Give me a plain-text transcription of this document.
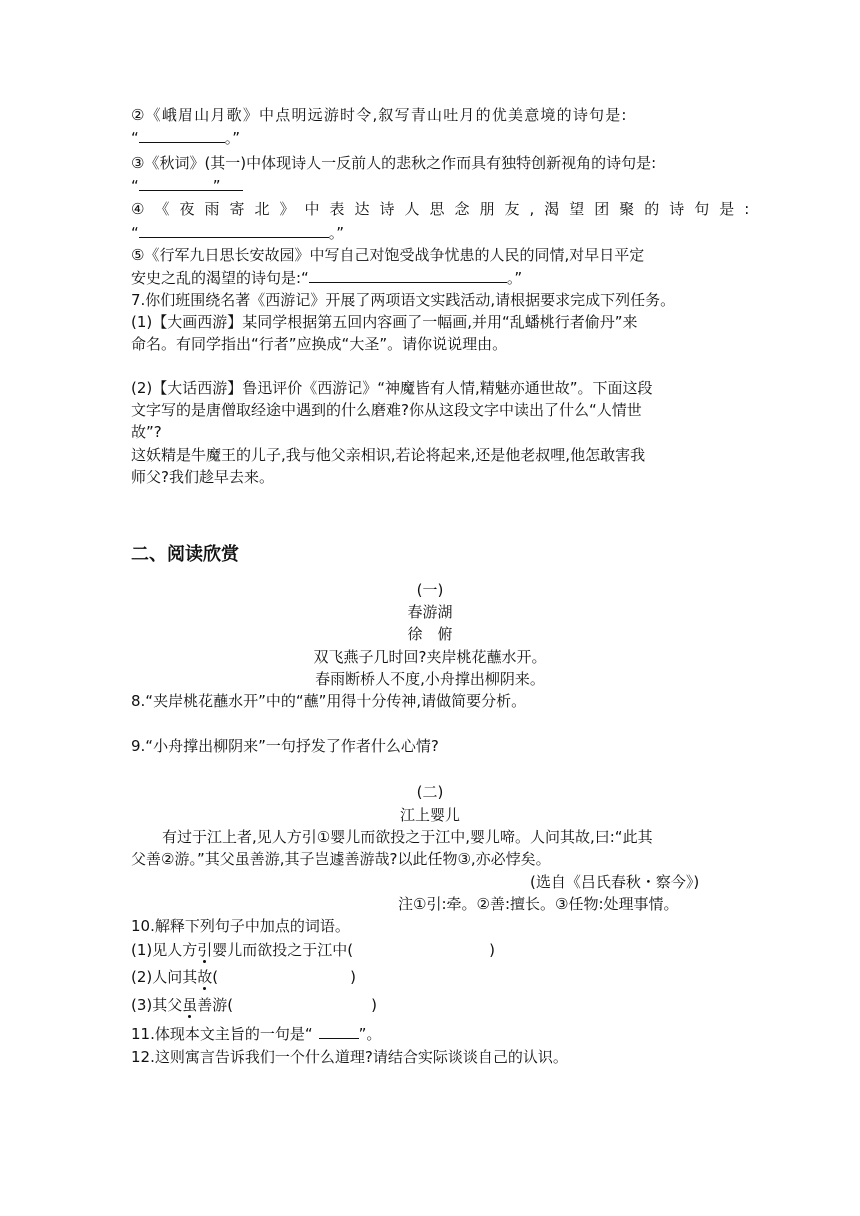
②《峨眉山月歌》中点明远游时令,叙写青山吐月的优美意境的诗句是:
“	。”
③《秋词》(其一)中体现诗人一反前人的悲秋之作而具有独特创新视角的诗句是:
“	”
④《夜雨寄北》中表达诗人思念朋友,渴望团聚的诗句是:
“	。”
⑤《行军九日思长安故园》中写自己对饱受战争忧患的人民的同情,对早日平定
安史之乱的渴望的诗句是:“	。”
7.你们班围绕名著《西游记》开展了两项语文实践活动,请根据要求完成下列任务。
(1)【大画西游】某同学根据第五回内容画了一幅画,并用“乱蟠桃行者偷丹”来
命名。有同学指出“行者”应换成“大圣”。请你说说理由。
(2)【大话西游】鲁迅评价《西游记》“神魔皆有人情,精魅亦通世故”。下面这段
文字写的是唐僧取经途中遇到的什么磨难?你从这段文字中读出了什么“人情世
故”?
这妖精是牛魔王的儿子,我与他父亲相识,若论将起来,还是他老叔哩,他怎敢害我
师父?我们趁早去来。
二、阅读欣赏
(一)
春游湖
徐　俯
双飞燕子几时回?夹岸桃花蘸水开。
春雨断桥人不度,小舟撑出柳阴来。
8.“夹岸桃花蘸水开”中的“蘸”用得十分传神,请做简要分析。
9.“小舟撑出柳阴来”一句抒发了作者什么心情?
(二)
江上婴儿
有过于江上者,见人方引①婴儿而欲投之于江中,婴儿啼。人问其故,曰:“此其
父善②游。”其父虽善游,其子岂遽善游哉?以此任物③,亦必悖矣。
(选自《吕氏春秋・察今》)
注①引:牵。②善:擅长。③任物:处理事情。
10.解释下列句子中加点的词语。
(1)见人方引婴儿而欲投之于江中(	)
(2)人问其故(	)
(3)其父虽善游(	)
11.体现本文主旨的一句是“	”。
12.这则寓言告诉我们一个什么道理?请结合实际谈谈自己的认识。
